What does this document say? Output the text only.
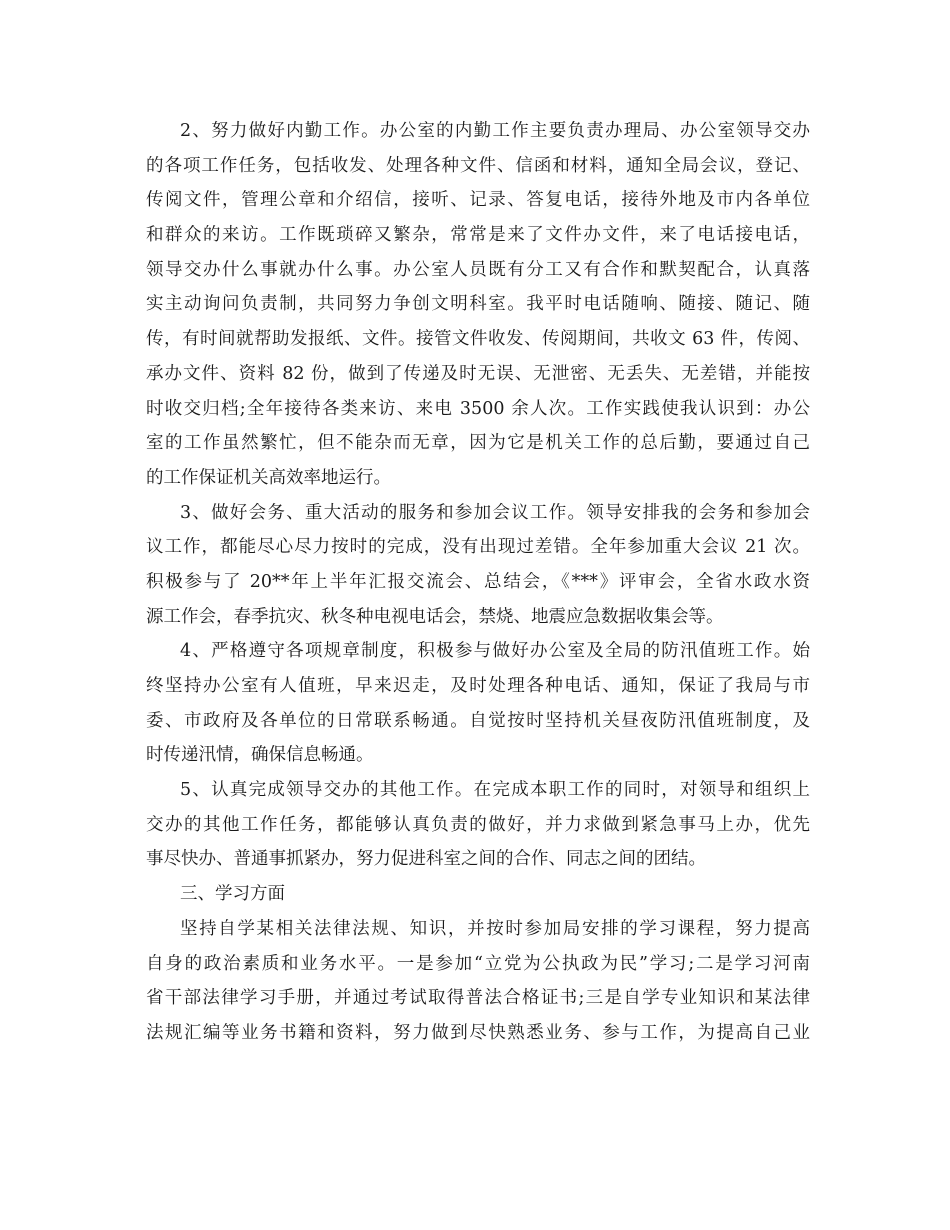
2、努力做好内勤工作。办公室的内勤工作主要负责办理局、办公室领导交办
的各项工作任务，包括收发、处理各种文件、信函和材料，通知全局会议，登记、
传阅文件，管理公章和介绍信，接听、记录、答复电话，接待外地及市内各单位
和群众的来访。工作既琐碎又繁杂，常常是来了文件办文件，来了电话接电话，
领导交办什么事就办什么事。办公室人员既有分工又有合作和默契配合，认真落
实主动询问负责制，共同努力争创文明科室。我平时电话随响、随接、随记、随
传，有时间就帮助发报纸、文件。接管文件收发、传阅期间，共收文 63 件，传阅、
承办文件、资料 82 份，做到了传递及时无误、无泄密、无丢失、无差错，并能按
时收交归档;全年接待各类来访、来电 3500 余人次。工作实践使我认识到：办公
室的工作虽然繁忙，但不能杂而无章，因为它是机关工作的总后勤，要通过自己
的工作保证机关高效率地运行。
3、做好会务、重大活动的服务和参加会议工作。领导安排我的会务和参加会
议工作，都能尽心尽力按时的完成，没有出现过差错。全年参加重大会议 21 次。
积极参与了 20**年上半年汇报交流会、总结会，《***》评审会，全省水政水资
源工作会，春季抗灾、秋冬种电视电话会，禁烧、地震应急数据收集会等。
4、严格遵守各项规章制度，积极参与做好办公室及全局的防汛值班工作。始
终坚持办公室有人值班，早来迟走，及时处理各种电话、通知，保证了我局与市
委、市政府及各单位的日常联系畅通。自觉按时坚持机关昼夜防汛值班制度，及
时传递汛情，确保信息畅通。
5、认真完成领导交办的其他工作。在完成本职工作的同时，对领导和组织上
交办的其他工作任务，都能够认真负责的做好，并力求做到紧急事马上办，优先
事尽快办、普通事抓紧办，努力促进科室之间的合作、同志之间的团结。
三、学习方面
坚持自学某相关法律法规、知识，并按时参加局安排的学习课程，努力提高
自身的政治素质和业务水平。一是参加“立党为公执政为民”学习;二是学习河南
省干部法律学习手册，并通过考试取得普法合格证书;三是自学专业知识和某法律
法规汇编等业务书籍和资料，努力做到尽快熟悉业务、参与工作，为提高自己业
